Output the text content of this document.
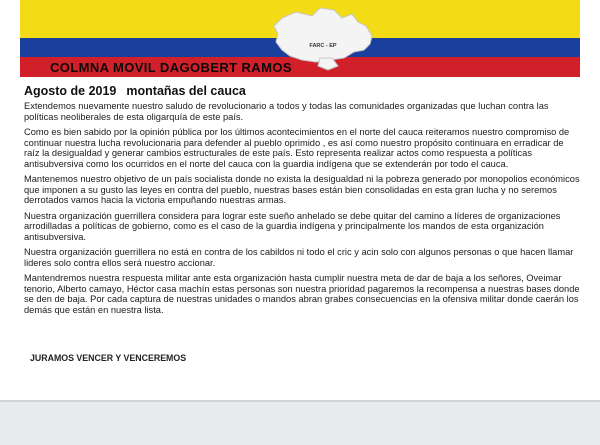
FARC - EP
COLMNA MOVIL DAGOBERT RAMOS
Agosto de 2019 montañas del cauca

Extendemos nuevamente nuestro saludo de revolucionario a todos y todas las comunidades organizadas que luchan contra las políticas neoliberales de esta oligarquía de este país.

Como es bien sabido por la opinión pública por los últimos acontecimientos en el norte del cauca reiteramos nuestro compromiso de continuar nuestra lucha revolucionaria para defender al pueblo oprimido , es así como nuestro propósito continuara en erradicar de raíz la desigualdad y generar cambios estructurales de este país. Esto representa realizar actos como respuesta a políticas antisubversiva como los ocurridos en el norte del cauca con la guardia indígena que se extenderán por todo el cauca.

Mantenemos nuestro objetivo de un país socialista donde no exista la desigualdad ni la pobreza generado por monopolios económicos que imponen a su gusto las leyes en contra del pueblo, nuestras bases están bien consolidadas en esta gran lucha y no seremos derrotados vamos hacia la victoria empuñando nuestras armas.

Nuestra organización guerrillera considera para lograr este sueño anhelado se debe quitar del camino a líderes de organizaciones arrodilladas a políticas de gobierno, como es el caso de la guardia indígena y principalmente los mandos de esta organización antisubversiva.

Nuestra organización guerrillera no está en contra de los cabildos ni todo el cric y acin solo con algunos personas o que hacen llamar lideres solo contra ellos será nuestro accionar.

Mantendremos nuestra respuesta militar ante esta organización hasta cumplir nuestra meta de dar de baja a los señores, Oveimar tenorio, Alberto camayo, Héctor casa machín estas personas son nuestra prioridad pagaremos la recompensa a nuestras bases donde se den de baja. Por cada captura de nuestras unidades o mandos abran grabes consecuencias en la ofensiva militar donde caerán los demás que están en nuestra lista.

JURAMOS VENCER Y VENCEREMOS
